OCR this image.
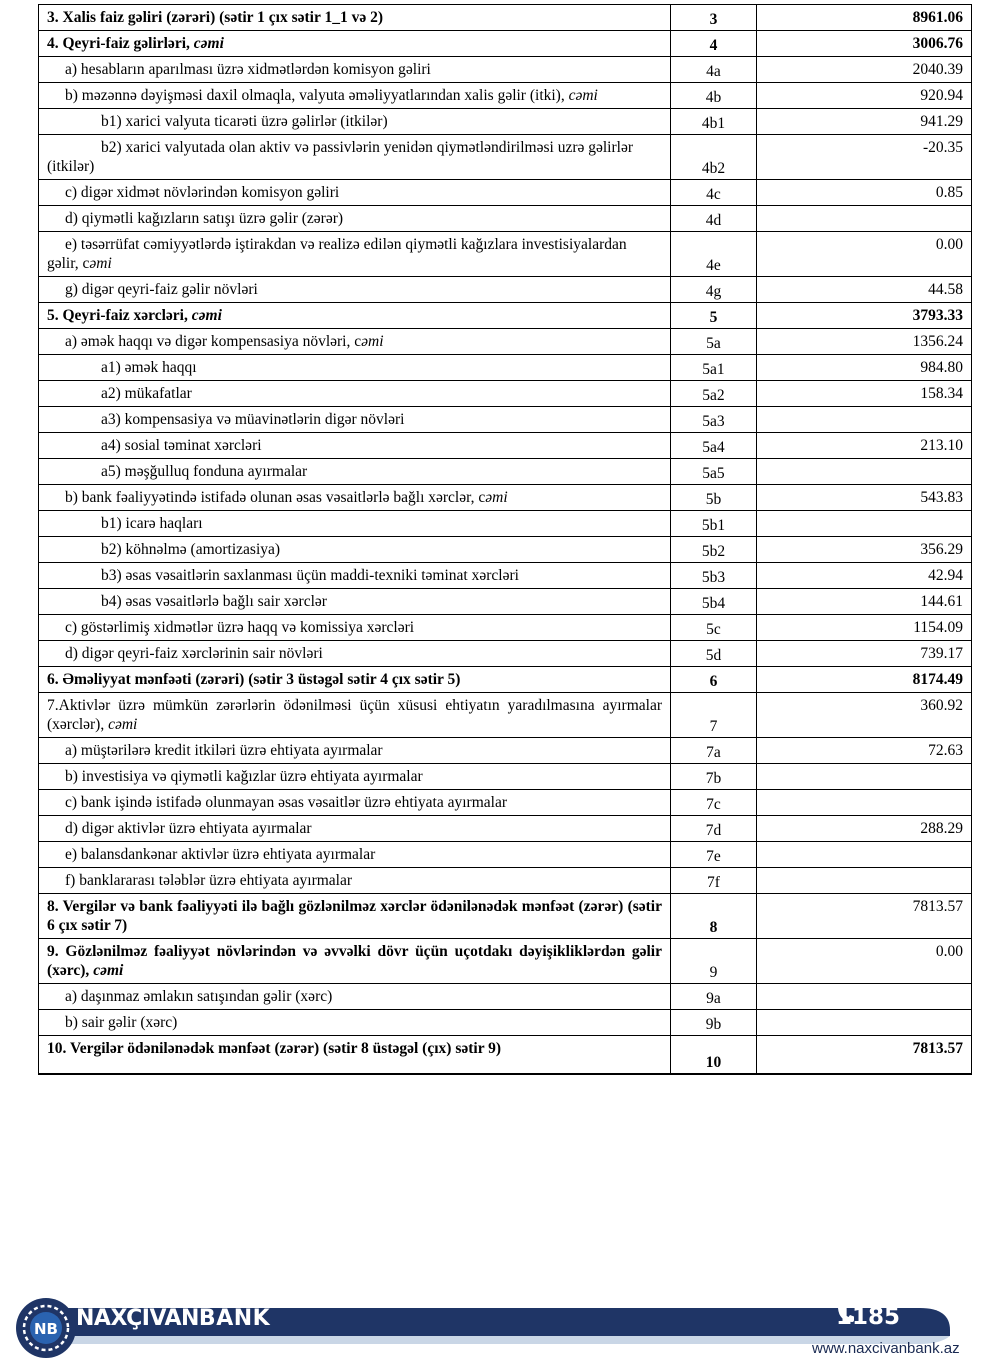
3. Xalis faiz gəliri (zərəri) (sətir 1 çıx sətir 1_1 və 2)	3	8961.06
4. Qeyri-faiz gəlirləri, cəmi	4	3006.76
a) hesabların aparılması üzrə xidmətlərdən komisyon gəliri	4a	2040.39
b) məzənnə dəyişməsi daxil olmaqla, valyuta əməliyyatlarından xalis gəlir (itki), cəmi	4b	920.94
b1) xarici valyuta ticarəti üzrə gəlirlər (itkilər)	4b1	941.29
b2) xarici valyutada olan aktiv və passivlərin yenidən qiymətləndirilməsi uzrə gəlirlər (itkilər)	4b2	-20.35
c) digər xidmət növlərindən komisyon gəliri	4c	0.85
d) qiymətli kağızların satışı üzrə gəlir (zərər)	4d	
e) təsərrüfat cəmiyyətlərdə iştirakdan və realizə edilən qiymətli kağızlara investisiyalardan gəlir, cəmi	4e	0.00
g) digər qeyri-faiz gəlir növləri	4g	44.58
5. Qeyri-faiz xərcləri, cəmi	5	3793.33
a) əmək haqqı və digər kompensasiya növləri, cəmi	5a	1356.24
a1) əmək haqqı	5a1	984.80
a2) mükafatlar	5a2	158.34
a3) kompensasiya və müavinətlərin digər növləri	5a3	
a4) sosial təminat xərcləri	5a4	213.10
a5) məşğulluq fonduna ayırmalar	5a5	
b) bank fəaliyyətində istifadə olunan əsas vəsaitlərlə bağlı xərclər, cəmi	5b	543.83
b1) icarə haqları	5b1	
b2) köhnəlmə (amortizasiya)	5b2	356.29
b3) əsas vəsaitlərin saxlanması üçün maddi-texniki təminat xərcləri	5b3	42.94
b4) əsas vəsaitlərlə bağlı sair xərclər	5b4	144.61
c) göstərlimiş xidmətlər üzrə haqq və komissiya xərcləri	5c	1154.09
d) digər qeyri-faiz xərclərinin sair növləri	5d	739.17
6. Əməliyyat mənfəəti (zərəri) (sətir 3 üstəgəl sətir 4 çıx sətir 5)	6	8174.49
7.Aktivlər üzrə mümkün zərərlərin ödənilməsi üçün xüsusi ehtiyatın yaradılmasına ayırmalar (xərclər), cəmi	7	360.92
a) müştərilərə kredit itkiləri üzrə ehtiyata ayırmalar	7a	72.63
b) investisiya və qiymətli kağızlar üzrə ehtiyata ayırmalar	7b	
c) bank işində istifadə olunmayan əsas vəsaitlər üzrə ehtiyata ayırmalar	7c	
d) digər aktivlər üzrə ehtiyata ayırmalar	7d	288.29
e) balansdankənar aktivlər üzrə ehtiyata ayırmalar	7e	
f) banklararası tələblər üzrə ehtiyata ayırmalar	7f	
8. Vergilər və bank fəaliyyəti ilə bağlı gözlənilməz xərclər ödənilənədək mənfəət (zərər) (sətir 6 çıx sətir 7)	8	7813.57
9. Gözlənilməz fəaliyyət növlərindən və əvvəlki dövr üçün uçotdakı dəyişikliklərdən gəlir (xərc), cəmi	9	0.00
a) daşınmaz əmlakın satışından gəlir (xərc)	9a	
b) sair gəlir (xərc)	9b	
10. Vergilər ödənilənədək mənfəət (zərər) (sətir 8 üstəgəl (çıx) sətir 9)	10	7813.57
NB NAXÇIVANBANK	1185
www.naxcivanbank.az
